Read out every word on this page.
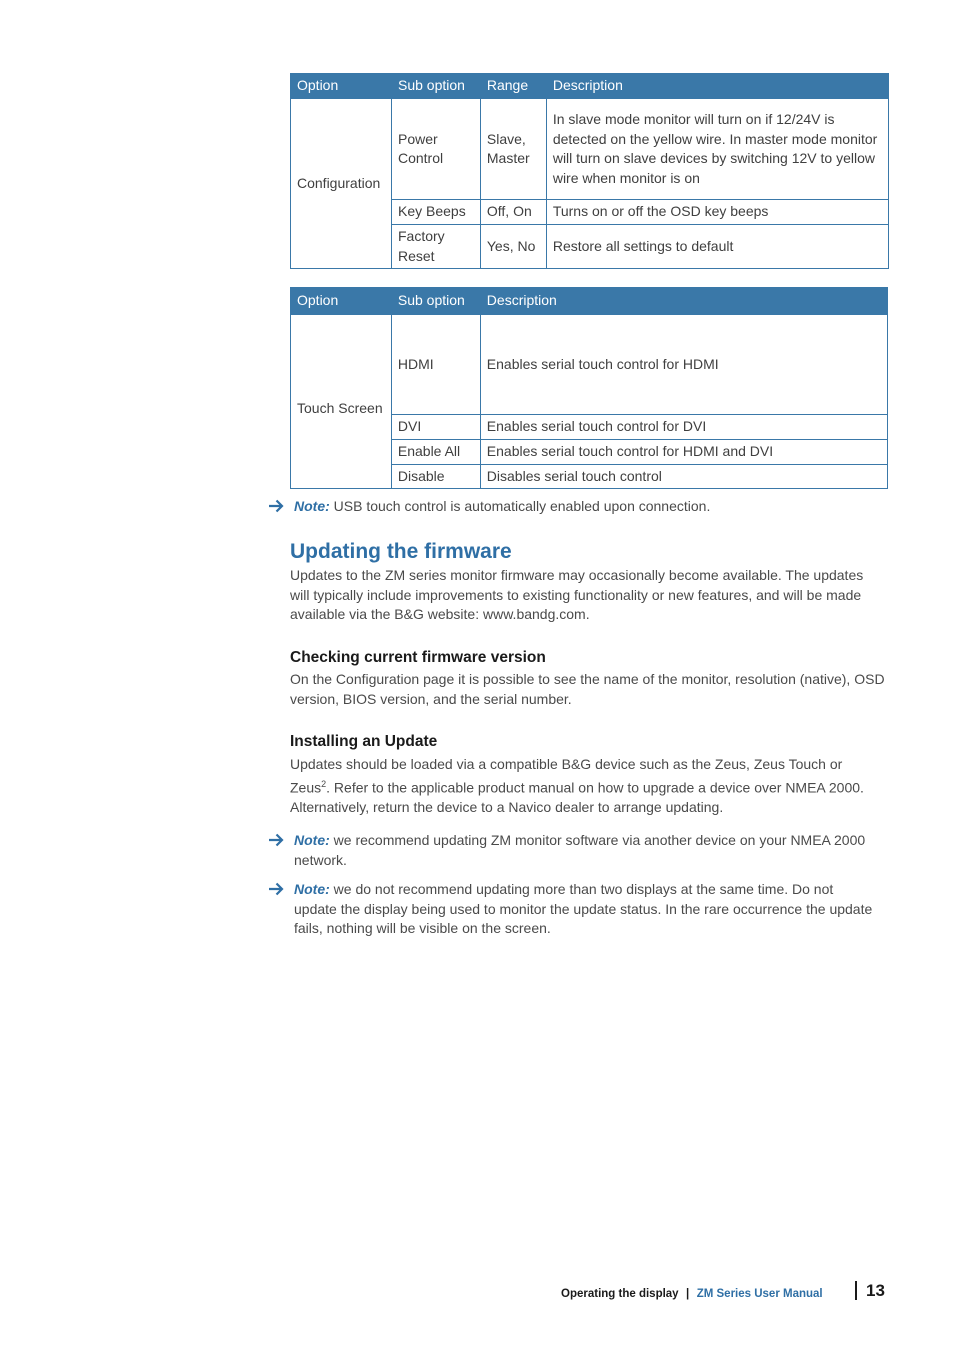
Option	Sub option	Range	Description
Configuration	Power Control	Slave, Master	In slave mode monitor will turn on if 12/24V is detected on the yellow wire. In master mode monitor will turn on slave devices by switching 12V to yellow wire when monitor is on
	Key Beeps	Off, On	Turns on or off the OSD key beeps
	Factory Reset	Yes, No	Restore all settings to default
Option	Sub option	Description
Touch Screen	HDMI	Enables serial touch control for HDMI
	DVI	Enables serial touch control for DVI
	Enable All	Enables serial touch control for HDMI and DVI
	Disable	Disables serial touch control
Note: USB touch control is automatically enabled upon connection.
Updating the firmware
Updates to the ZM series monitor firmware may occasionally become available. The updates will typically include improvements to existing functionality or new features, and will be made available via the B&G website: www.bandg.com.
Checking current firmware version
On the Configuration page it is possible to see the name of the monitor, resolution (native), OSD version, BIOS version, and the serial number.
Installing an Update
Updates should be loaded via a compatible B&G device such as the Zeus, Zeus Touch or Zeus$^2$. Refer to the applicable product manual on how to upgrade a device over NMEA 2000.
Alternatively, return the device to a Navico dealer to arrange updating.
Note: we recommend updating ZM monitor software via another device on your NMEA 2000 network.
Note: we do not recommend updating more than two displays at the same time. Do not update the display being used to monitor the update status. In the rare occurrence the update fails, nothing will be visible on the screen.
Operating the display | ZM Series User Manual	13
